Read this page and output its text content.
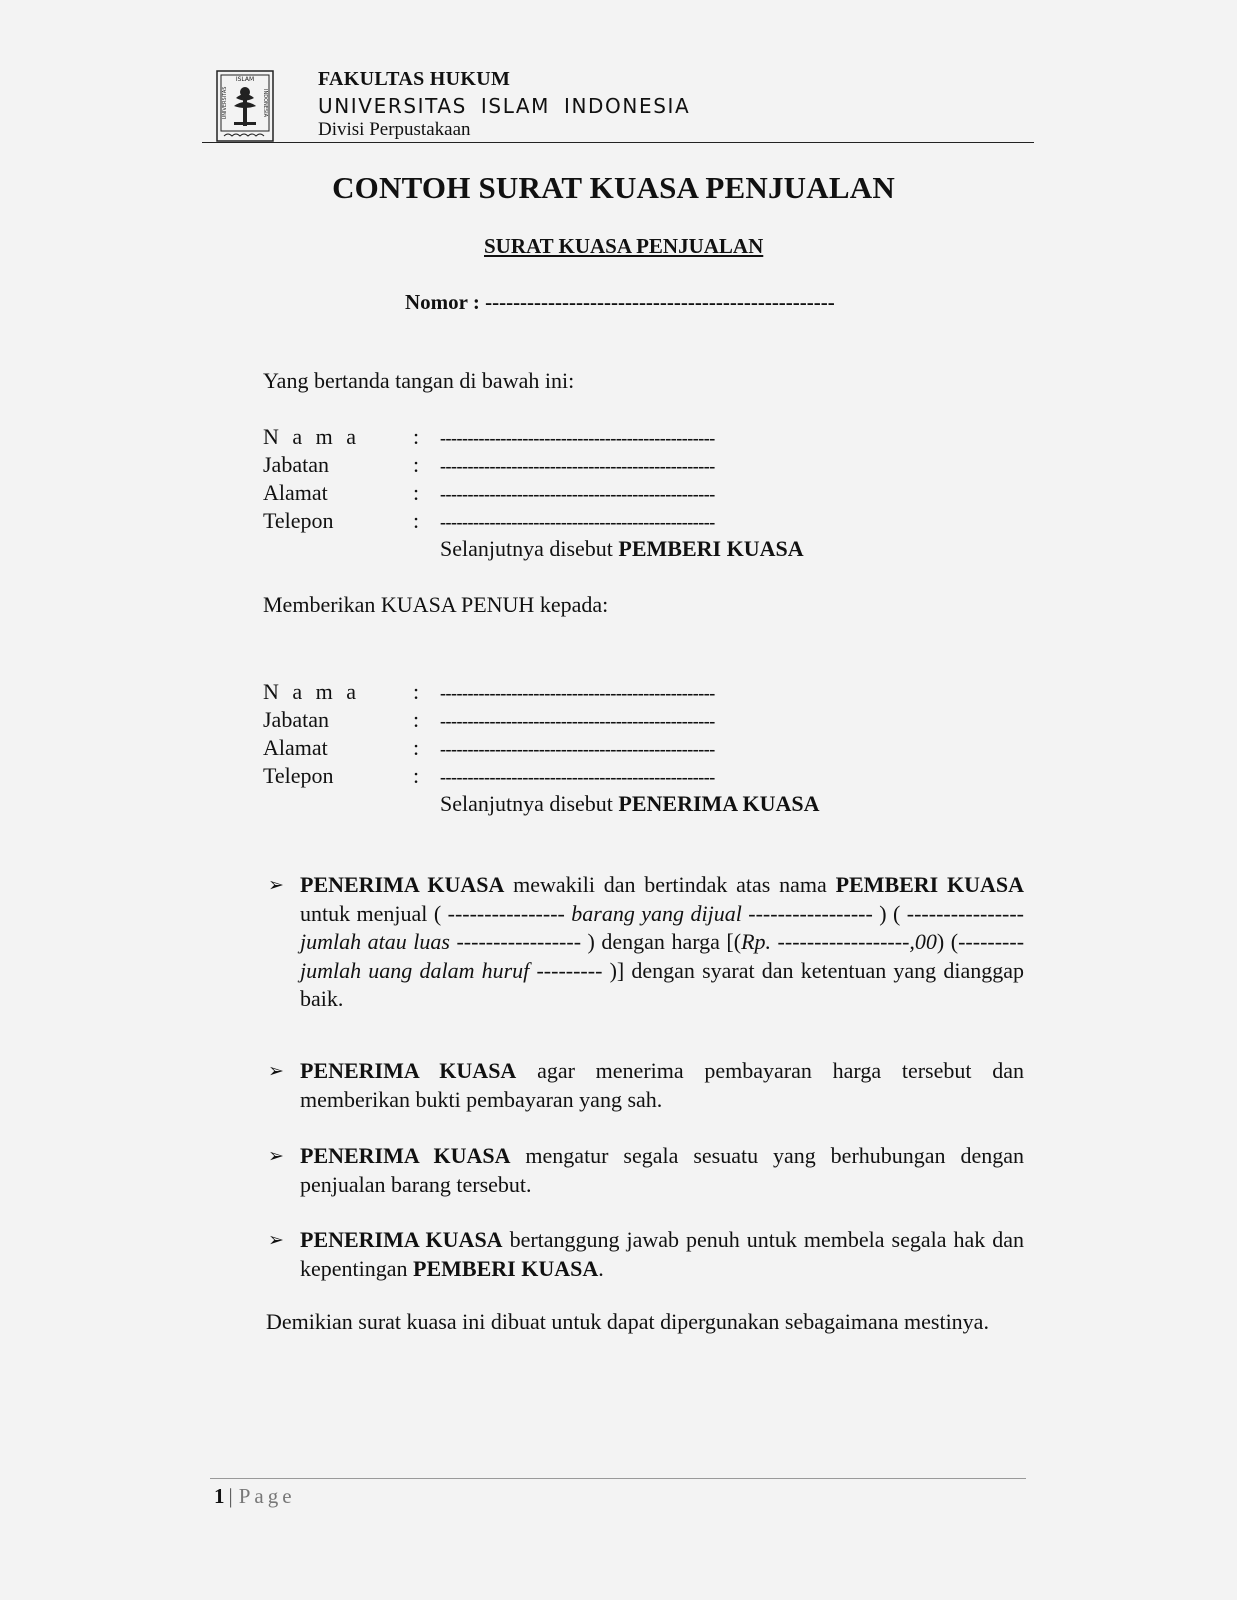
ISLAM
UNIVERSITAS	INDONESIA
FAKULTAS HUKUM
UNIVERSITAS ISLAM INDONESIA
Divisi Perpustakaan
CONTOH SURAT KUASA PENJUALAN
SURAT KUASA PENJUALAN
Nomor : --------------------------------------------------
Yang bertanda tangan di bawah ini:
N a m a : --------------------------------------------------
Jabatan	: --------------------------------------------------
Alamat	: --------------------------------------------------
Telepon	: --------------------------------------------------
Selanjutnya disebut PEMBERI KUASA
Memberikan KUASA PENUH kepada:
N a m a : --------------------------------------------------
Jabatan	: --------------------------------------------------
Alamat	: --------------------------------------------------
Telepon	: --------------------------------------------------
Selanjutnya disebut PENERIMA KUASA
➢ PENERIMA KUASA mewakili dan bertindak atas nama PEMBERI KUASA untuk menjual ( ---------------- barang yang dijual ----------------- ) ( ---------------- jumlah atau luas ----------------- ) dengan harga [(Rp. ------------------,00) (--------- jumlah uang dalam huruf --------- )] dengan syarat dan ketentuan yang dianggap baik.
➢ PENERIMA KUASA agar menerima pembayaran harga tersebut dan memberikan bukti pembayaran yang sah.
➢ PENERIMA KUASA mengatur segala sesuatu yang berhubungan dengan penjualan barang tersebut.
➢ PENERIMA KUASA bertanggung jawab penuh untuk membela segala hak dan kepentingan PEMBERI KUASA.
Demikian surat kuasa ini dibuat untuk dapat dipergunakan sebagaimana mestinya.
1 | Page
